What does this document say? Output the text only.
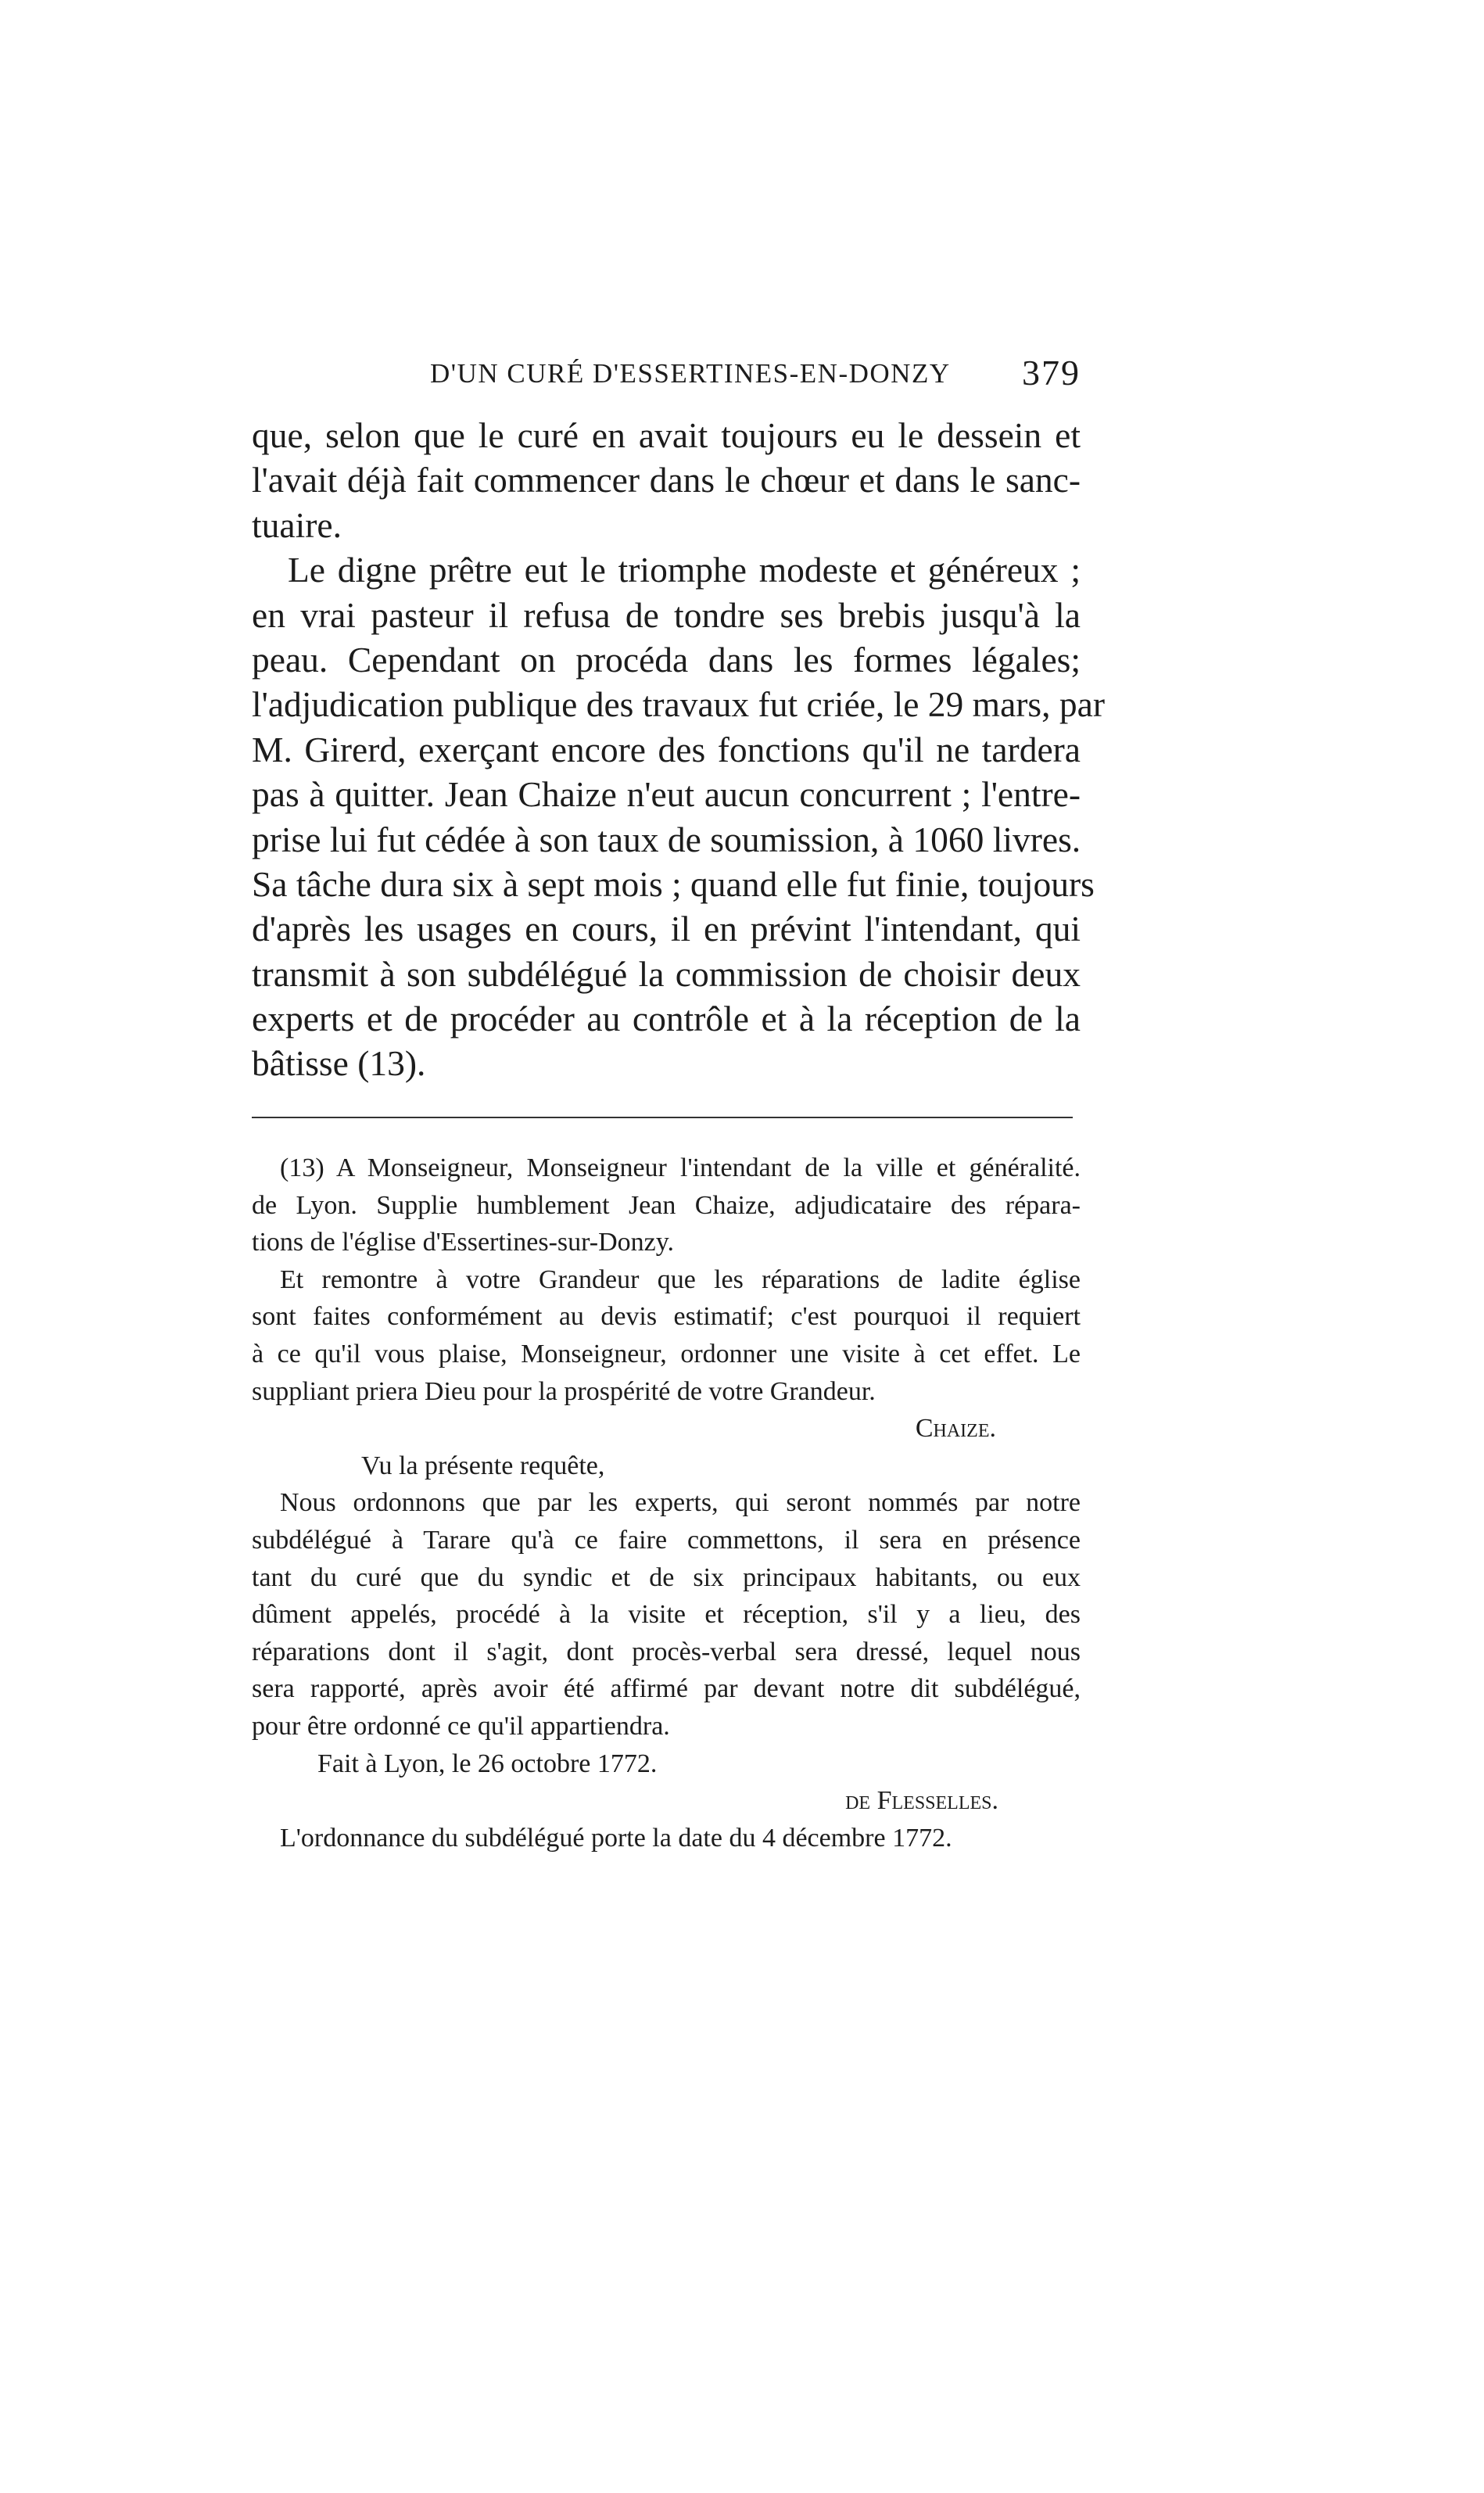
D'UN CURÉ D'ESSERTINES-EN-DONZY 379
que, selon que le curé en avait toujours eu le dessein et
l'avait déjà fait commencer dans le chœur et dans le sanc-
tuaire.
Le digne prêtre eut le triomphe modeste et généreux ;
en vrai pasteur il refusa de tondre ses brebis jusqu'à la
peau. Cependant on procéda dans les formes légales;
l'adjudication publique des travaux fut criée, le 29 mars, par
M. Girerd, exerçant encore des fonctions qu'il ne tardera
pas à quitter. Jean Chaize n'eut aucun concurrent ; l'entre-
prise lui fut cédée à son taux de soumission, à 1060 livres.
Sa tâche dura six à sept mois ; quand elle fut finie, toujours
d'après les usages en cours, il en prévint l'intendant, qui
transmit à son subdélégué la commission de choisir deux
experts et de procéder au contrôle et à la réception de la
bâtisse (13).
(13) A Monseigneur, Monseigneur l'intendant de la ville et généralité.
de Lyon. Supplie humblement Jean Chaize, adjudicataire des répara-
tions de l'église d'Essertines-sur-Donzy.
Et remontre à votre Grandeur que les réparations de ladite église
sont faites conformément au devis estimatif; c'est pourquoi il requiert
à ce qu'il vous plaise, Monseigneur, ordonner une visite à cet effet. Le
suppliant priera Dieu pour la prospérité de votre Grandeur.
Chaize.
Vu la présente requête,
Nous ordonnons que par les experts, qui seront nommés par notre
subdélégué à Tarare qu'à ce faire commettons, il sera en présence
tant du curé que du syndic et de six principaux habitants, ou eux
dûment appelés, procédé à la visite et réception, s'il y a lieu, des
réparations dont il s'agit, dont procès-verbal sera dressé, lequel nous
sera rapporté, après avoir été affirmé par devant notre dit subdélégué,
pour être ordonné ce qu'il appartiendra.
Fait à Lyon, le 26 octobre 1772.
de Flesselles.
L'ordonnance du subdélégué porte la date du 4 décembre 1772.
